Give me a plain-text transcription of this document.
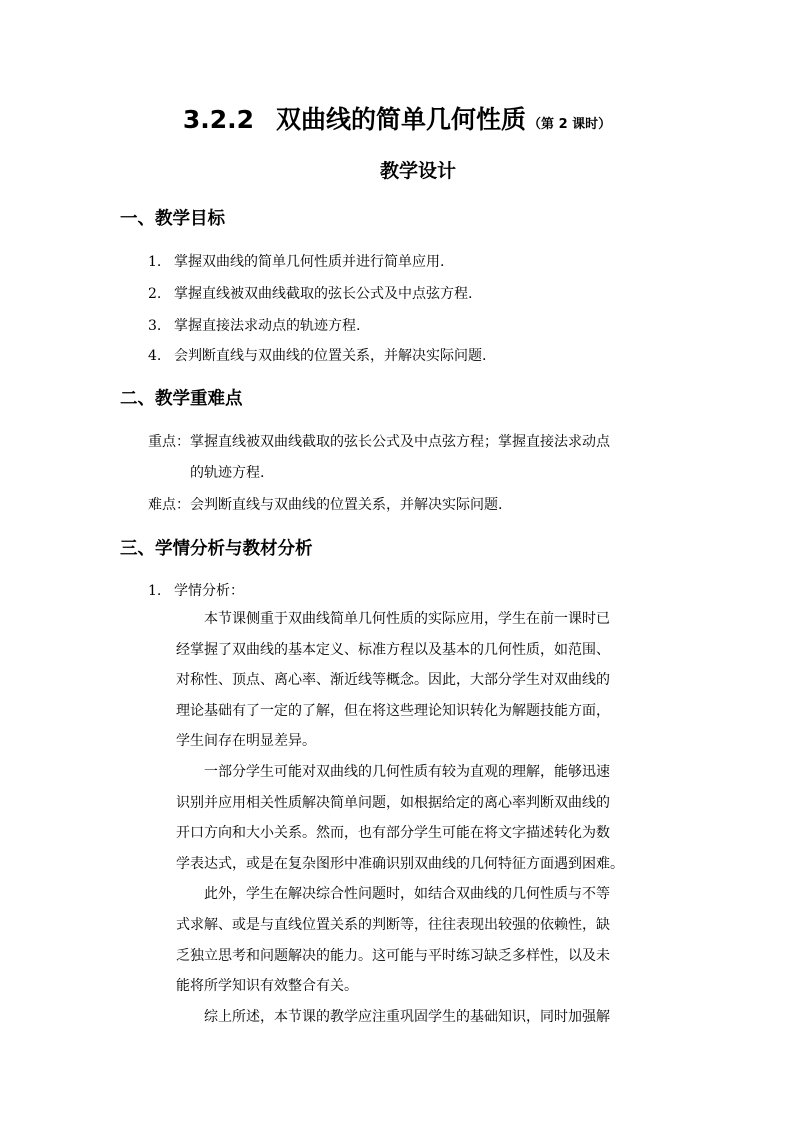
3.2.2 双曲线的简单几何性质 （第 2 课时）
教学设计
一、教学目标
1. 掌握双曲线的简单几何性质并进行简单应用.
2. 掌握直线被双曲线截取的弦长公式及中点弦方程.
3. 掌握直接法求动点的轨迹方程.
4. 会判断直线与双曲线的位置关系，并解决实际问题.
二、教学重难点
重点：掌握直线被双曲线截取的弦长公式及中点弦方程；掌握直接法求动点
的轨迹方程.
难点：会判断直线与双曲线的位置关系，并解决实际问题.
三、学情分析与教材分析
1. 学情分析：
本节课侧重于双曲线简单几何性质的实际应用，学生在前一课时已
经掌握了双曲线的基本定义、标准方程以及基本的几何性质，如范围、
对称性、顶点、离心率、渐近线等概念。因此，大部分学生对双曲线的
理论基础有了一定的了解，但在将这些理论知识转化为解题技能方面，
学生间存在明显差异。
一部分学生可能对双曲线的几何性质有较为直观的理解，能够迅速
识别并应用相关性质解决简单问题，如根据给定的离心率判断双曲线的
开口方向和大小关系。然而，也有部分学生可能在将文字描述转化为数
学表达式，或是在复杂图形中准确识别双曲线的几何特征方面遇到困难。
此外，学生在解决综合性问题时，如结合双曲线的几何性质与不等
式求解、或是与直线位置关系的判断等，往往表现出较强的依赖性，缺
乏独立思考和问题解决的能力。这可能与平时练习缺乏多样性，以及未
能将所学知识有效整合有关。
综上所述，本节课的教学应注重巩固学生的基础知识，同时加强解
